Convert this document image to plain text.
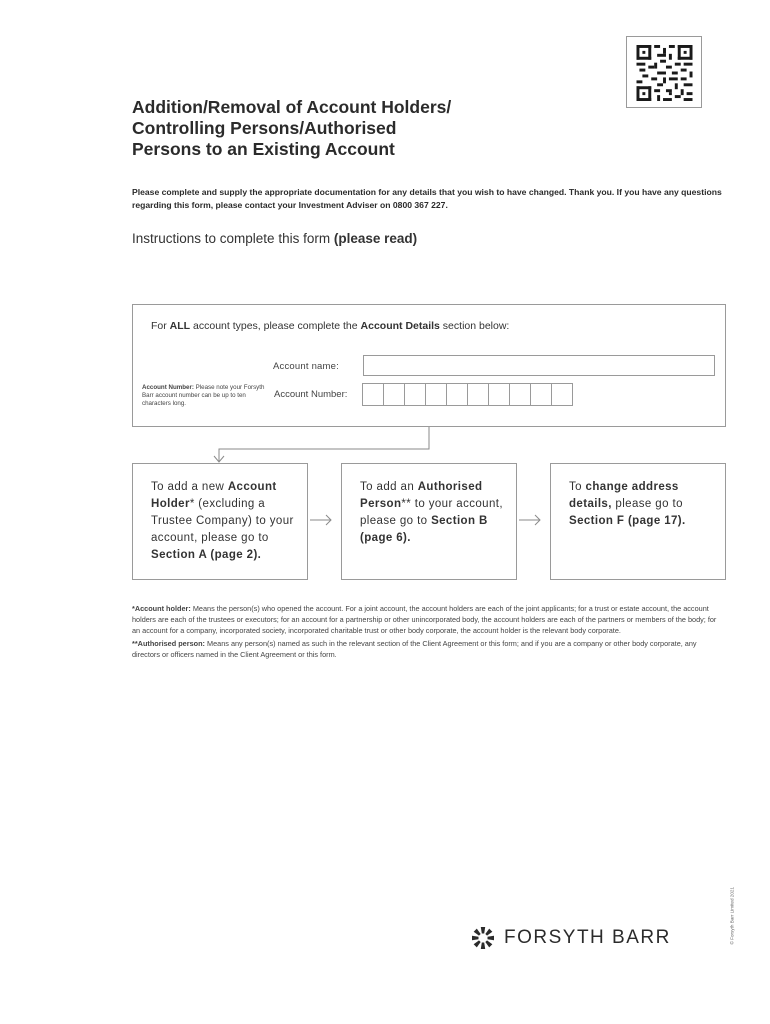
Addition/Removal of Account Holders/
Controlling Persons/Authorised
Persons to an Existing Account
Please complete and supply the appropriate documentation for any details that you wish to have changed. Thank you. If you have any questions regarding this form, please contact your Investment Adviser on 0800 367 227.
Instructions to complete this form (please read)
For ALL account types, please complete the Account Details section below:
Account name:
Account Number: Please note your Forsyth Barr account number can be up to ten characters long.
Account Number:
To add a new Account Holder* (excluding a Trustee Company) to your account, please go to Section A (page 2).
To add an Authorised Person** to your account, please go to Section B (page 6).
To change address details, please go to Section F (page 17).

*Account holder: Means the person(s) who opened the account. For a joint account, the account holders are each of the joint applicants; for a trust or estate account, the account holders are each of the trustees or executors; for an account for a partnership or other unincorporated body, the account holders are each of the partners or members of the body; for an account for a company, incorporated society, incorporated charitable trust or other body corporate, the account holder is the relevant body corporate.

**Authorised person: Means any person(s) named as such in the relevant section of the Client Agreement or this form; and if you are a company or other body corporate, any directors or officers named in the Client Agreement or this form.

© Forsyth Barr Limited 2021
FORSYTH BARR
